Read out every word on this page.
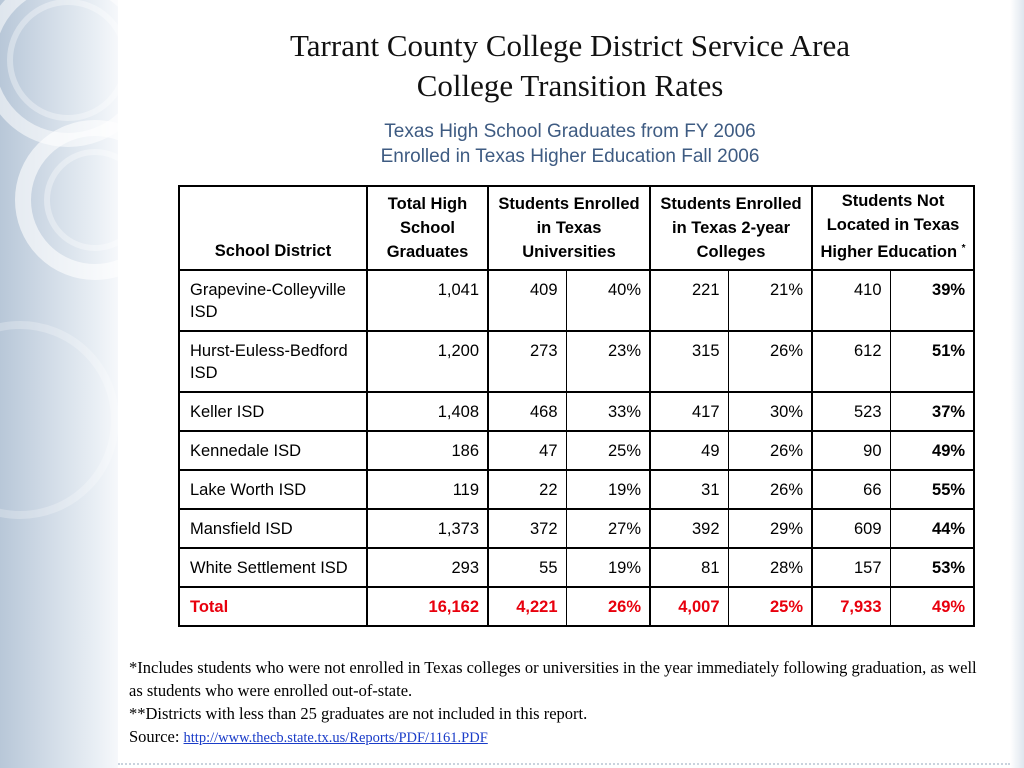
Tarrant County College District Service Area
College Transition Rates
Texas High School Graduates from FY 2006
Enrolled in Texas Higher Education Fall 2006
School District	Total High School Graduates	Students Enrolled in Texas Universities		Students Enrolled in Texas 2-year Colleges		Students Not Located in Texas Higher Education *
Grapevine-Colleyville ISD	1,041	409	40%	221	21%	410	39%
Hurst-Euless-Bedford ISD	1,200	273	23%	315	26%	612	51%
Keller ISD	1,408	468	33%	417	30%	523	37%
Kennedale ISD	186	47	25%	49	26%	90	49%
Lake Worth ISD	119	22	19%	31	26%	66	55%
Mansfield ISD	1,373	372	27%	392	29%	609	44%
White Settlement ISD	293	55	19%	81	28%	157	53%
Total	16,162	4,221	26%	4,007	25%	7,933	49%

*Includes students who were not enrolled in Texas colleges or universities in the year immediately following graduation, as well as students who were enrolled out-of-state.

**Districts with less than 25 graduates are not included in this report.

Source: http://www.thecb.state.tx.us/Reports/PDF/1161.PDF
